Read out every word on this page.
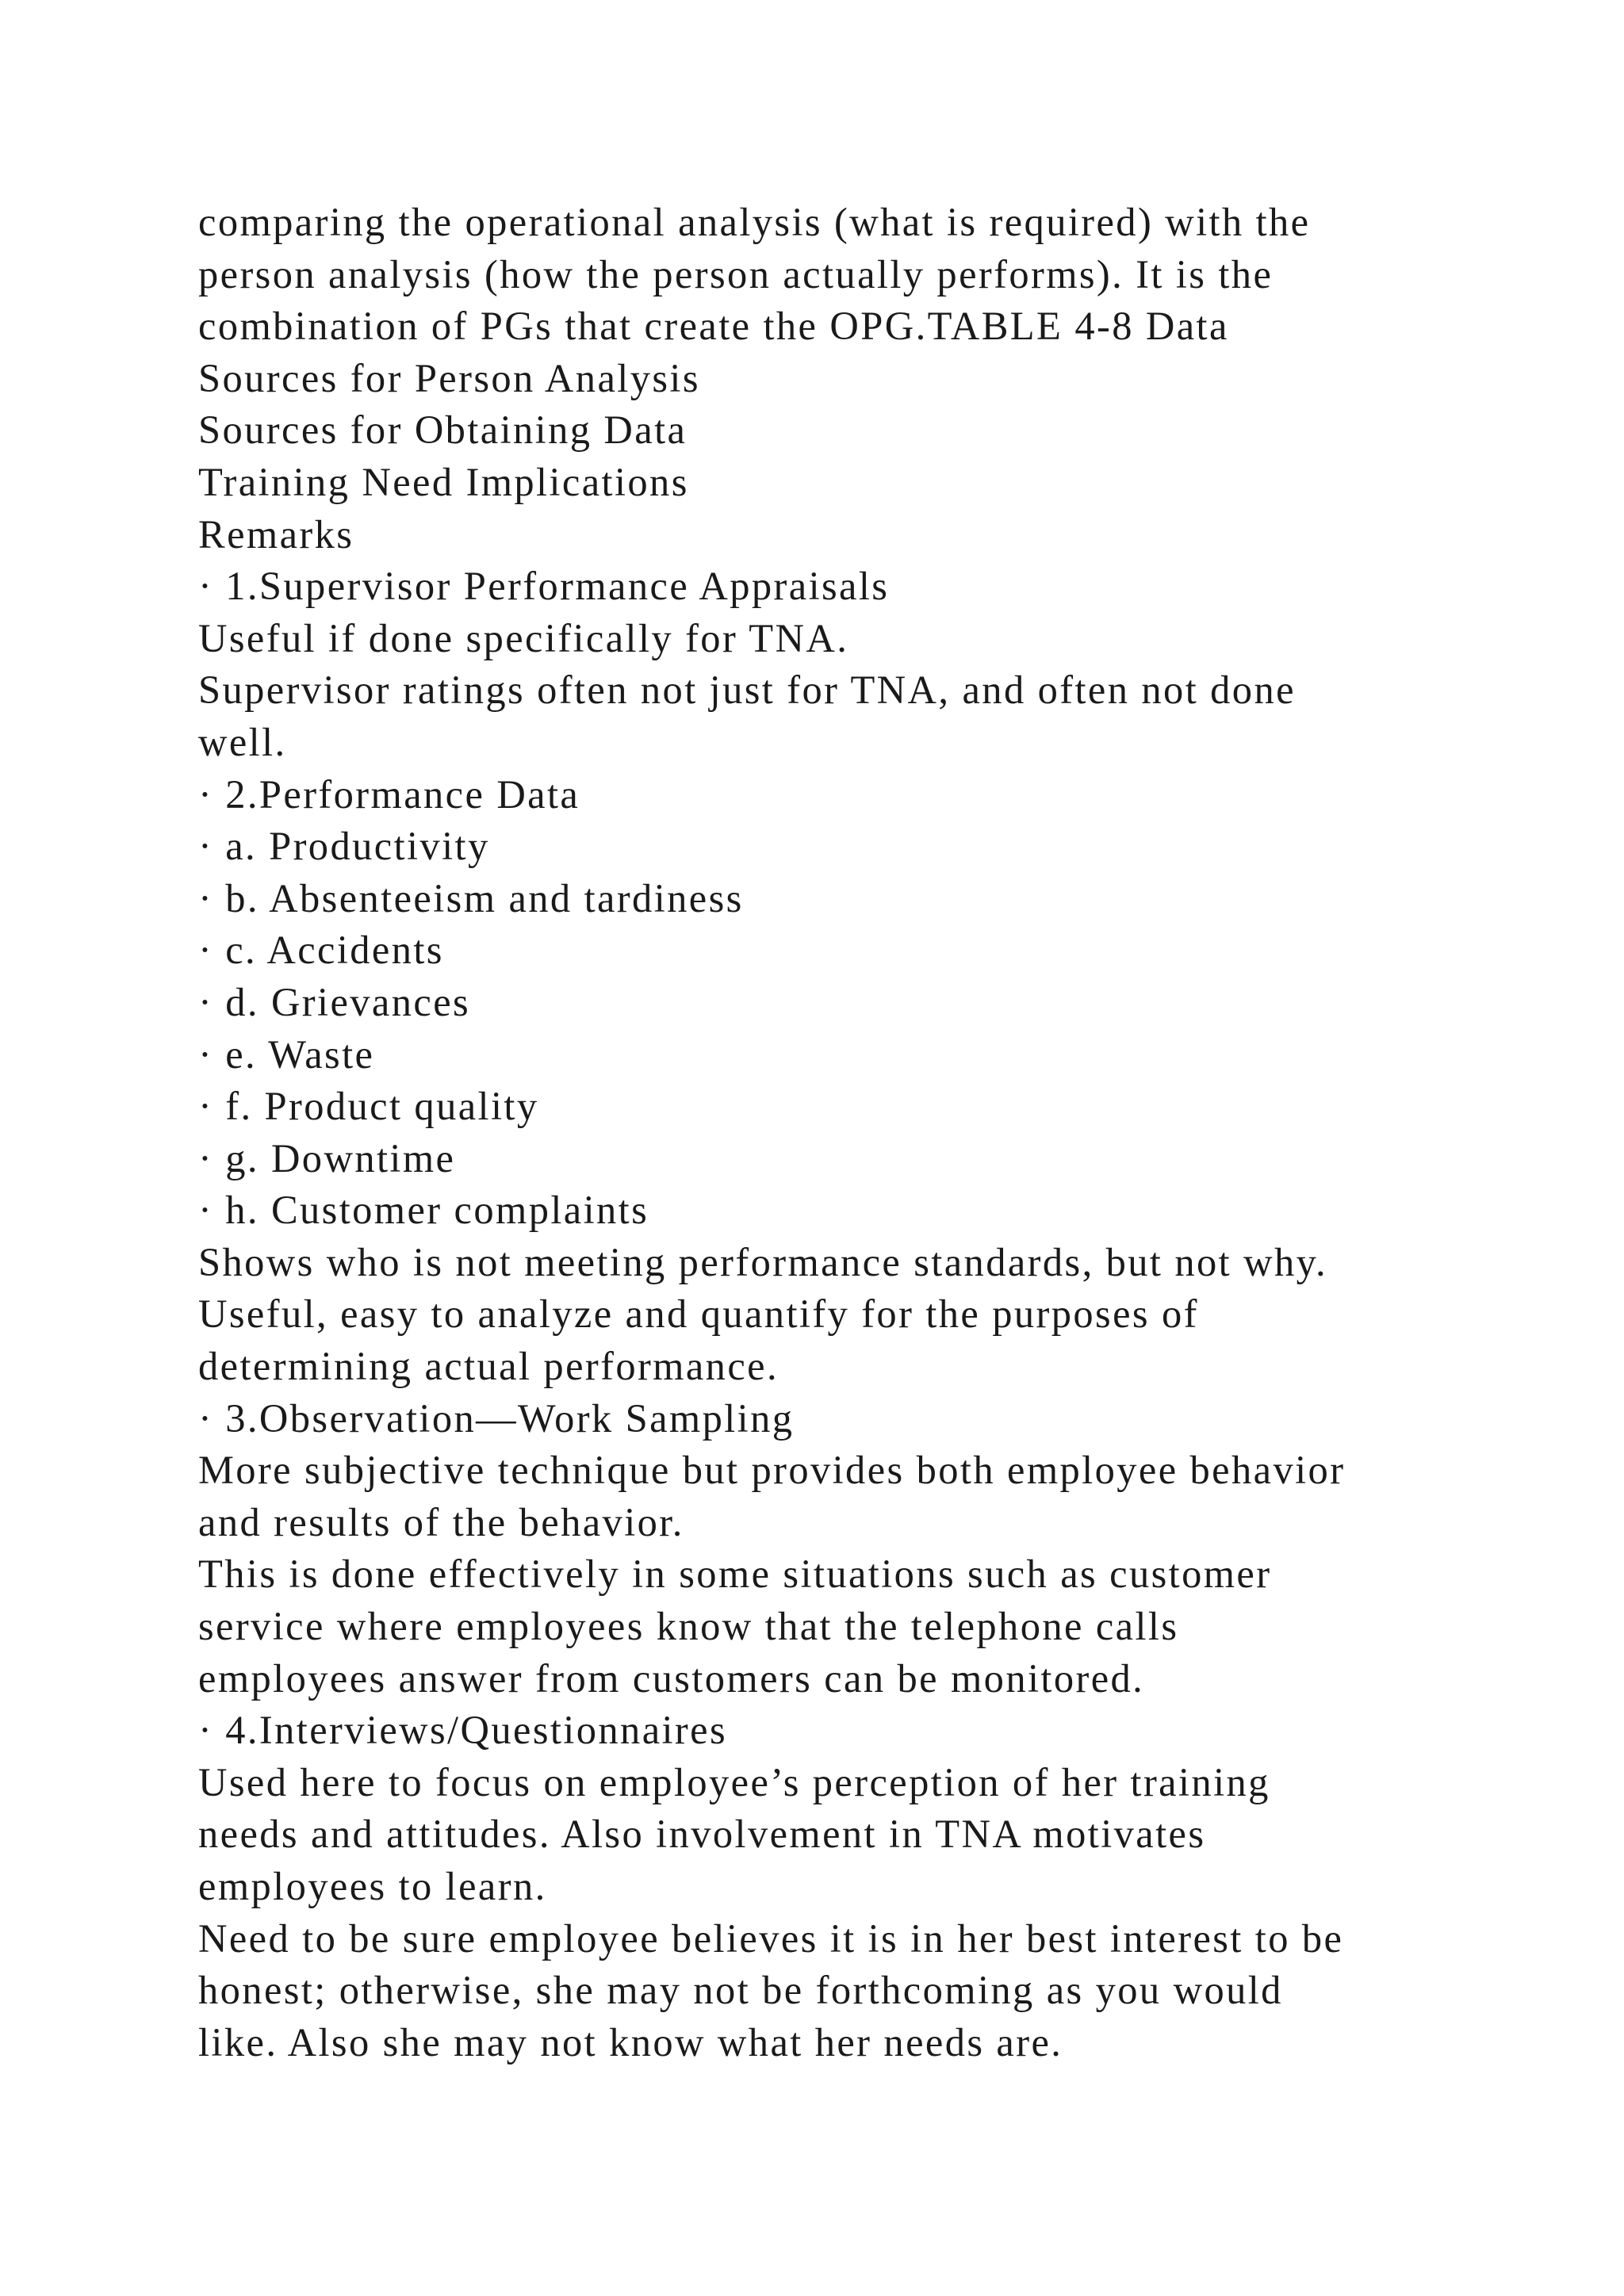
comparing the operational analysis (what is required) with the
person analysis (how the person actually performs). It is the
combination of PGs that create the OPG.TABLE 4-8 Data
Sources for Person Analysis
Sources for Obtaining Data
Training Need Implications
Remarks
· 1.Supervisor Performance Appraisals
Useful if done specifically for TNA.
Supervisor ratings often not just for TNA, and often not done
well.
· 2.Performance Data
· a. Productivity
· b. Absenteeism and tardiness
· c. Accidents
· d. Grievances
· e. Waste
· f. Product quality
· g. Downtime
· h. Customer complaints
Shows who is not meeting performance standards, but not why.
Useful, easy to analyze and quantify for the purposes of
determining actual performance.
· 3.Observation—Work Sampling
More subjective technique but provides both employee behavior
and results of the behavior.
This is done effectively in some situations such as customer
service where employees know that the telephone calls
employees answer from customers can be monitored.
· 4.Interviews/Questionnaires
Used here to focus on employee’s perception of her training
needs and attitudes. Also involvement in TNA motivates
employees to learn.
Need to be sure employee believes it is in her best interest to be
honest; otherwise, she may not be forthcoming as you would
like. Also she may not know what her needs are.
